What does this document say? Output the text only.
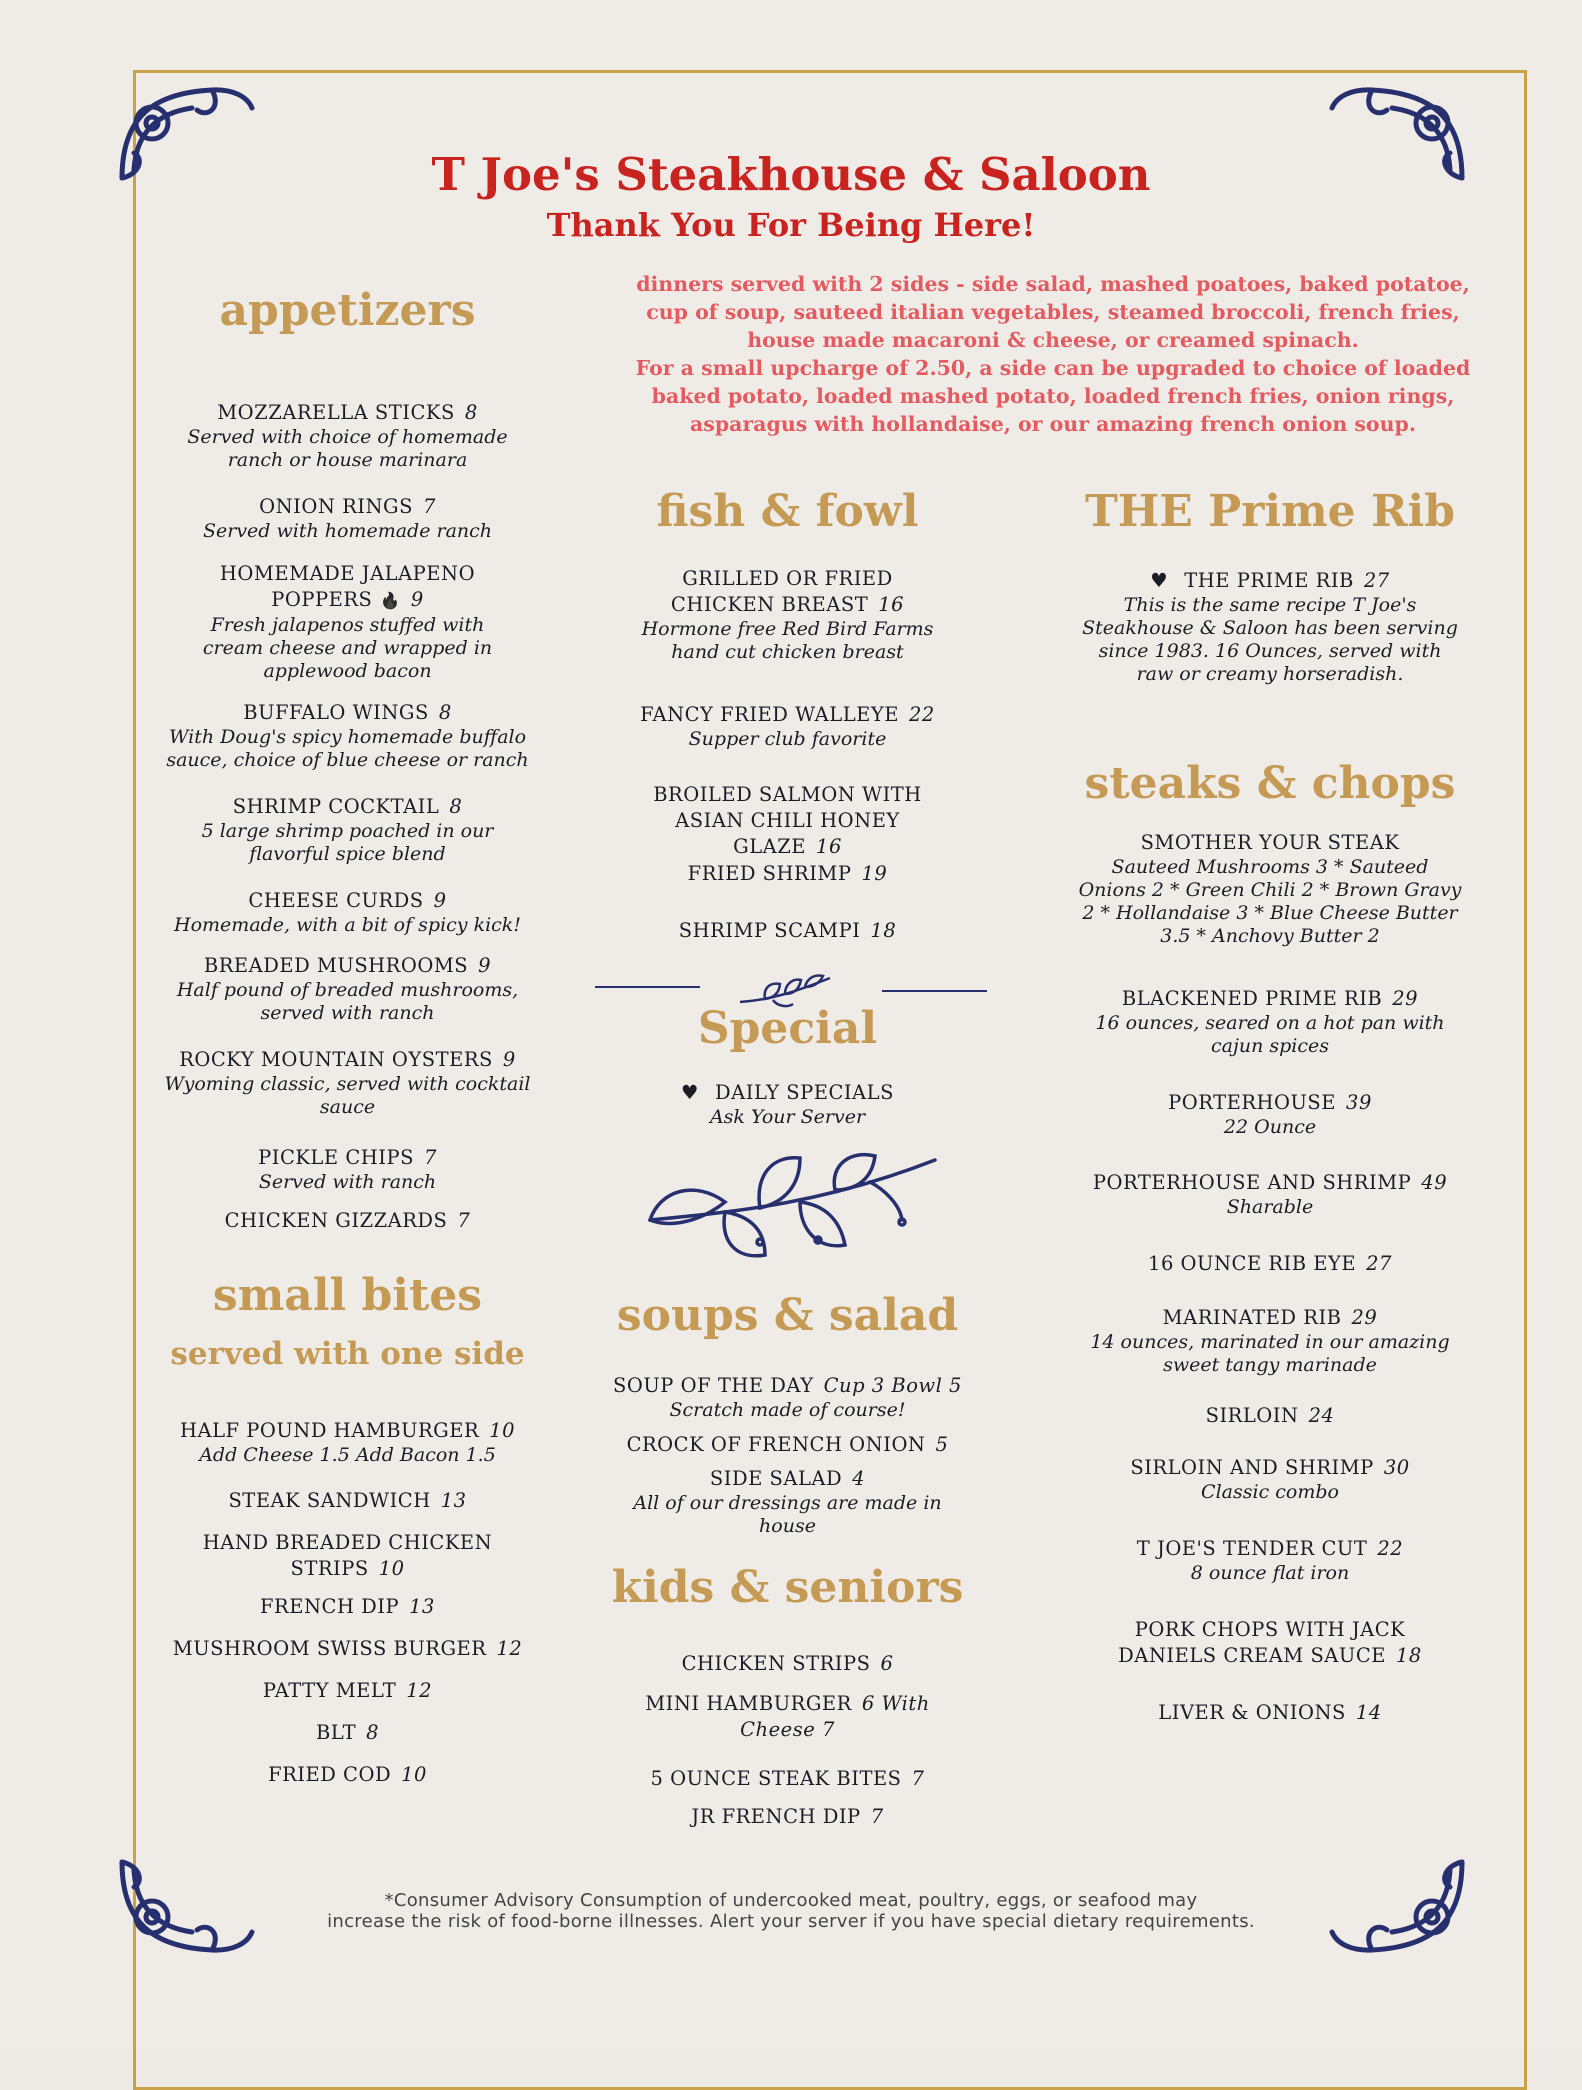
T Joe's Steakhouse & Saloon
Thank You For Being Here!

dinners served with 2 sides - side salad, mashed poatoes, baked potatoe, cup of soup, sauteed italian vegetables, steamed broccoli, french fries, house made macaroni & cheese, or creamed spinach.

For a small upcharge of 2.50, a side can be upgraded to choice of loaded baked potato, loaded mashed potato, loaded french fries, onion rings, asparagus with hollandaise, or our amazing french onion soup.

appetizers
MOZZARELLA STICKS 8
Served with choice of homemade ranch or house marinara
ONION RINGS 7
Served with homemade ranch
HOMEMADE JALAPENO POPPERS 🔥 9
Fresh jalapenos stuffed with cream cheese and wrapped in applewood bacon
BUFFALO WINGS 8
With Doug's spicy homemade buffalo sauce, choice of blue cheese or ranch
SHRIMP COCKTAIL 8
5 large shrimp poached in our flavorful spice blend
CHEESE CURDS 9
Homemade, with a bit of spicy kick!
BREADED MUSHROOMS 9
Half pound of breaded mushrooms, served with ranch
ROCKY MOUNTAIN OYSTERS 9
Wyoming classic, served with cocktail sauce
PICKLE CHIPS 7
Served with ranch
CHICKEN GIZZARDS 7
small bites
served with one side
HALF POUND HAMBURGER 10
Add Cheese 1.5 Add Bacon 1.5
STEAK SANDWICH 13
HAND BREADED CHICKEN STRIPS 10
FRENCH DIP 13
MUSHROOM SWISS BURGER 12
PATTY MELT 12
BLT 8
FRIED COD 10
fish & fowl
GRILLED OR FRIED CHICKEN BREAST 16
Hormone free Red Bird Farms hand cut chicken breast
FANCY FRIED WALLEYE 22
Supper club favorite
BROILED SALMON WITH ASIAN CHILI HONEY GLAZE 16
FRIED SHRIMP 19
SHRIMP SCAMPI 18
Special
♥ DAILY SPECIALS
Ask Your Server
soups & salad
SOUP OF THE DAY Cup 3 Bowl 5
Scratch made of course!
CROCK OF FRENCH ONION 5
SIDE SALAD 4
All of our dressings are made in house
kids & seniors
CHICKEN STRIPS 6
MINI HAMBURGER 6 With Cheese 7
5 OUNCE STEAK BITES 7
JR FRENCH DIP 7
THE Prime Rib
♥ THE PRIME RIB 27
This is the same recipe T Joe's Steakhouse & Saloon has been serving since 1983. 16 Ounces, served with raw or creamy horseradish.
steaks & chops
SMOTHER YOUR STEAK
Sauteed Mushrooms 3 * Sauteed Onions 2 * Green Chili 2 * Brown Gravy 2 * Hollandaise 3 * Blue Cheese Butter 3.5 * Anchovy Butter 2
BLACKENED PRIME RIB 29
16 ounces, seared on a hot pan with cajun spices
PORTERHOUSE 39
22 Ounce
PORTERHOUSE AND SHRIMP 49
Sharable
16 OUNCE RIB EYE 27
MARINATED RIB 29
14 ounces, marinated in our amazing sweet tangy marinade
SIRLOIN 24
SIRLOIN AND SHRIMP 30
Classic combo
T JOE'S TENDER CUT 22
8 ounce flat iron
PORK CHOPS WITH JACK DANIELS CREAM SAUCE 18
LIVER & ONIONS 14
*Consumer Advisory Consumption of undercooked meat, poultry, eggs, or seafood may
increase the risk of food-borne illnesses. Alert your server if you have special dietary requirements.
